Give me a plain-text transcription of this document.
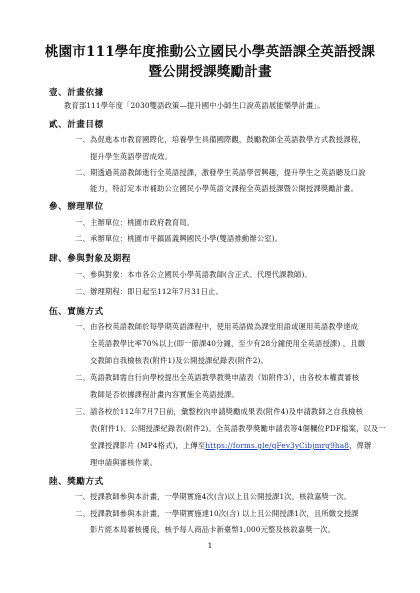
桃園市111學年度推動公立國民小學英語課全英語授課
暨公開授課獎勵計畫
壹、計畫依據
教育部111學年度「2030雙語政策—提升國中小師生口說英語展能樂學計畫」。
貳、計畫目標
一、 為促進本市教育國際化，培養學生具備國際觀，鼓勵教師全英語教學方式教授課程，
提升學生英語學習成效。
二、 期透過英語教師進行全英語授課，激發學生英語學習興趣，提升學生之英語聽及口說
能力，特訂定本市補助公立國民小學英語文課程全英語授課暨公開授課獎勵計畫。
參、辦理單位
一、 主辦單位：桃園市政府教育局。
二、 承辦單位：桃園市平鎮區義興國民小學(雙語推動辦公室)。
肆、參與對象及期程
一、 參與對象：本市各公立國民小學英語教師(含正式、代理代課教師)。
二、 辦理期程：即日起至112年7月31日止。
伍、實施方式
一、 由各校英語教師於每學期英語課程中，使用英語做為課堂用語或運用英語教學達成
全英語教學比率70%以上(即一節課40分鐘，至少有28分鐘使用全英語授課) ，且繳
交教師自我檢核表(附件1)及公開授課紀錄表(附件2)。
二、 英語教師需自行向學校提出全英語教學教獎申請表（如附件3），由各校本權責審核
教師是否依據課程計畫內容實施全英語授課。
三、 請各校於112年7月7日前，彙整校內申請獎勵成果表(附件4)及申請教師之自我檢核
表(附件1)、公開授課紀錄表(附件2)、全英語教學獎勵申請表等4個欄位PDF檔案，以及一
堂課授課影片 (MP4格式)，上傳至https://forms.gle/qFev3yCibjmrg9ha8，俾辦
理申請與審核作業。
陸、獎勵方式
一、 授課教師參與本計畫，一學期實施4次(含)以上且公開授課1次，核敘嘉獎一次。
二、 授課教師參與本計畫，一學期實施達10次(含) 以上且公開授課1次，且所繳交授課
影片經本局審核優良，核予每人商品卡新臺幣1,000元整及核敘嘉獎一次。
1
